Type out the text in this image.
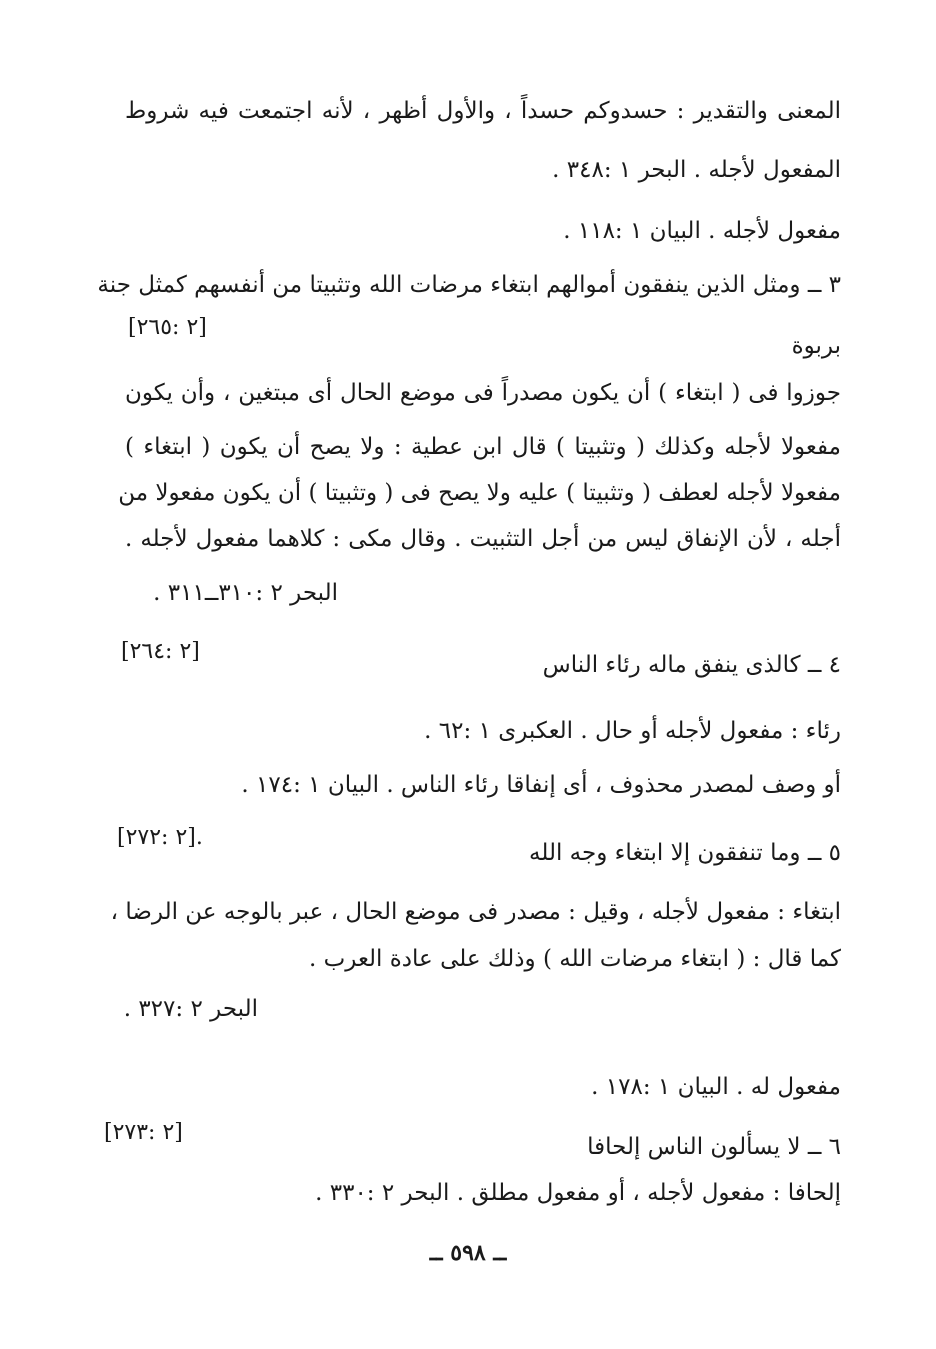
المعنى والتقدير : حسدوكم حسداً ، والأول أظهر ، لأنه اجتمعت فيه شروط
المفعول لأجله . البحر ١ :٣٤٨ .
مفعول لأجله . البيان ١ :١١٨ .
٣ ــ ومثل الذين ينفقون أموالهم ابتغاء مرضات الله وتثبيتا من أنفسهم كمثل جنة
[٢ :٢٦٥]
بربوة
جوزوا فى ( ابتغاء ) أن يكون مصدراً فى موضع الحال أى مبتغين ، وأن يكون
مفعولا لأجله وكذلك ( وتثبيتا ) قال ابن عطية : ولا يصح أن يكون ( ابتغاء )
مفعولا لأجله لعطف ( وتثبيتا ) عليه ولا يصح فى ( وتثبيتا ) أن يكون مفعولا من
أجله ، لأن الإنفاق ليس من أجل التثبيت . وقال مكى : كلاهما مفعول لأجله .
البحر ٢ :٣١٠ــ٣١١ .
٤ ــ كالذى ينفق ماله رئاء الناس
[٢ :٢٦٤]
رئاء : مفعول لأجله أو حال . العكبرى ١ :٦٢ .
أو وصف لمصدر محذوف ، أى إنفاقا رئاء الناس . البيان ١ :١٧٤ .
٥ ــ وما تنفقون إلا ابتغاء وجه الله
[٢ :٢٧٢].
ابتغاء : مفعول لأجله ، وقيل : مصدر فى موضع الحال ، عبر بالوجه عن الرضا ،
كما قال : ( ابتغاء مرضات الله ) وذلك على عادة العرب .
البحر ٢ :٣٢٧ .
مفعول له . البيان ١ :١٧٨ .
٦ ــ لا يسألون الناس إلحافا
[٢ :٢٧٣]
إلحافا : مفعول لأجله ، أو مفعول مطلق . البحر ٢ :٣٣٠ .
ــ ٥٩٨ ــ
